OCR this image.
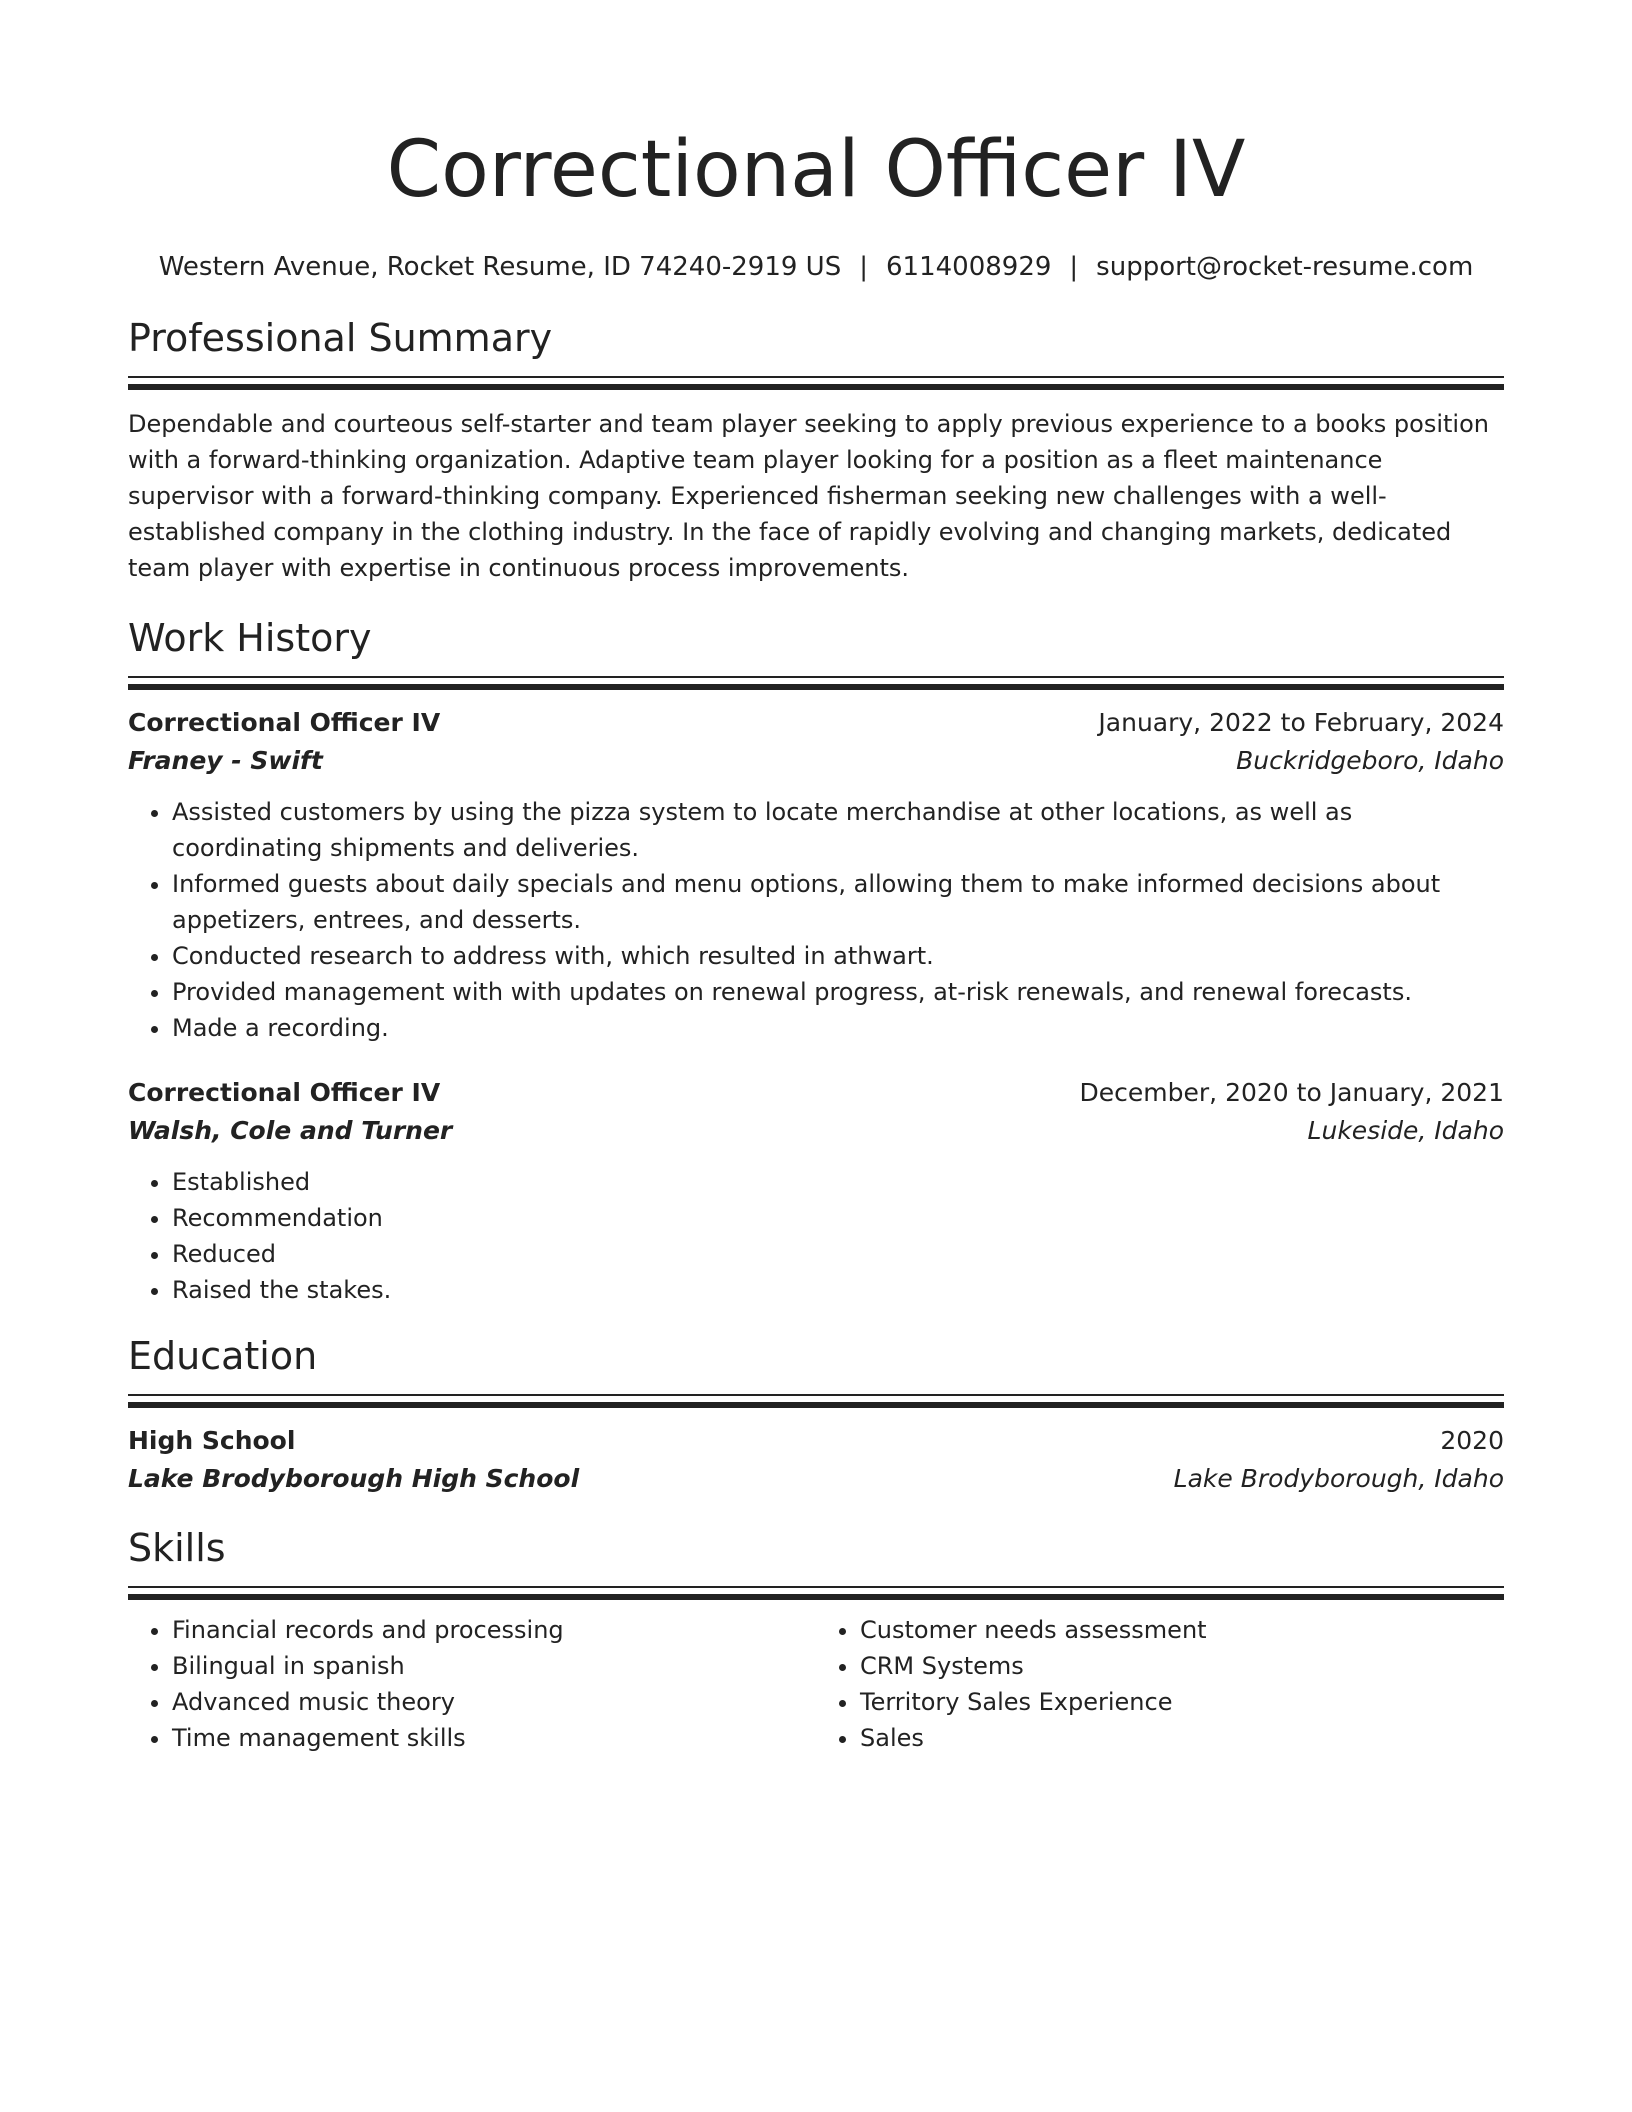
Correctional Officer IV
Western Avenue, Rocket Resume, ID 74240-2919 US | 6114008929 | support@rocket-resume.com
Professional Summary
Dependable and courteous self-starter and team player seeking to apply previous experience to a books position with a forward-thinking organization. Adaptive team player looking for a position as a fleet maintenance supervisor with a forward-thinking company. Experienced fisherman seeking new challenges with a well-established company in the clothing industry. In the face of rapidly evolving and changing markets, dedicated team player with expertise in continuous process improvements.
Work History
Correctional Officer IV	January, 2022 to February, 2024
Franey - Swift	Buckridgeboro, Idaho
• Assisted customers by using the pizza system to locate merchandise at other locations, as well as coordinating shipments and deliveries.
• Informed guests about daily specials and menu options, allowing them to make informed decisions about appetizers, entrees, and desserts.
• Conducted research to address with, which resulted in athwart.
• Provided management with with updates on renewal progress, at-risk renewals, and renewal forecasts.
• Made a recording.
Correctional Officer IV	December, 2020 to January, 2021
Walsh, Cole and Turner	Lukeside, Idaho
• Established
• Recommendation
• Reduced
• Raised the stakes.
Education
High School	2020
Lake Brodyborough High School	Lake Brodyborough, Idaho
Skills
• Financial records and processing
• Bilingual in spanish
• Advanced music theory
• Time management skills
• Customer needs assessment
• CRM Systems
• Territory Sales Experience
• Sales
